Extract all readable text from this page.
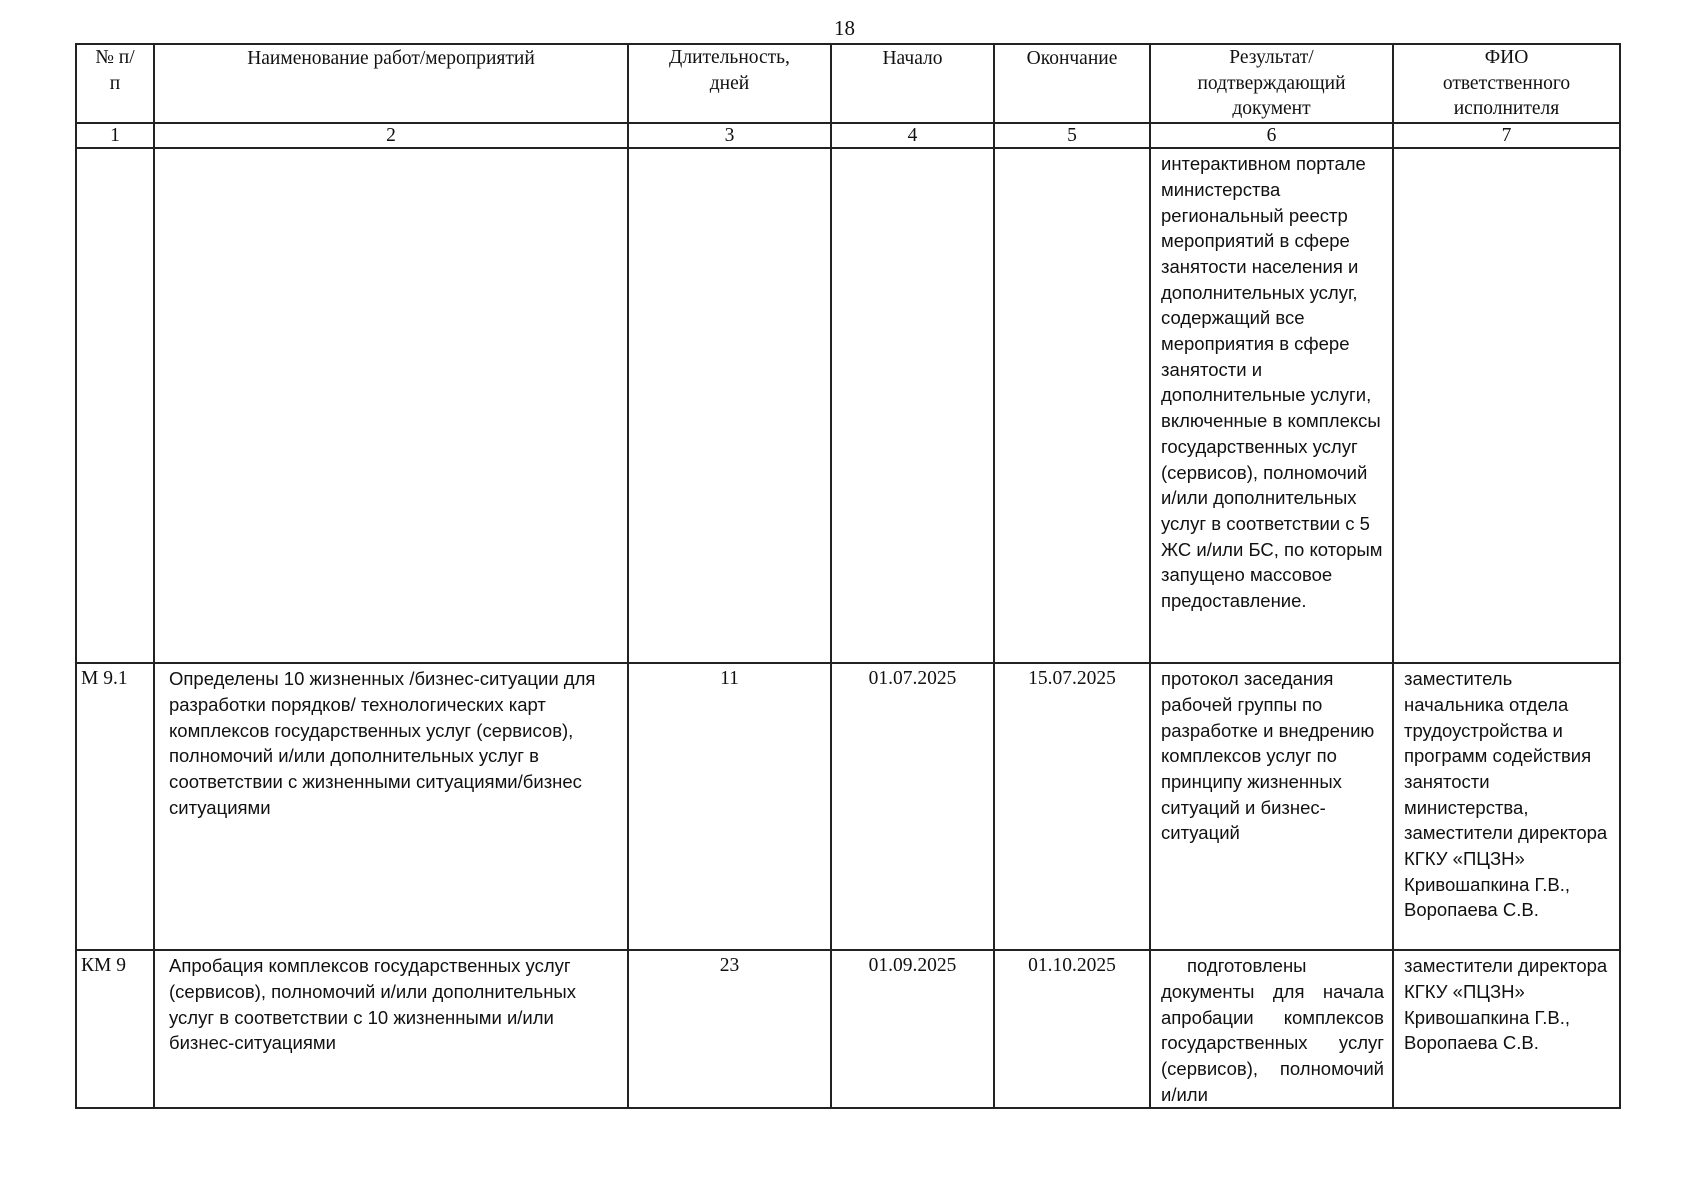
18
№ п/п	Наименование работ/мероприятий	Длительность, дней	Начало	Окончание	Результат/ подтверждающий документ	ФИО ответственного исполнителя
1	2	3	4	5	6	7
					интерактивном портале министерства региональный реестр мероприятий в сфере занятости населения и дополнительных услуг, содержащий все мероприятия в сфере занятости и дополнительные услуги, включенные в комплексы государственных услуг (сервисов), полномочий и/или дополнительных услуг в соответствии с 5 ЖС и/или БС, по которым запущено массовое предоставление.	
М 9.1	Определены 10 жизненных /бизнес-ситуации для разработки порядков/ технологических карт комплексов государственных услуг (сервисов), полномочий и/или дополнительных услуг в соответствии с жизненными ситуациями/бизнес ситуациями	11	01.07.2025	15.07.2025	протокол заседания рабочей группы по разработке и внедрению комплексов услуг по принципу жизненных ситуаций и бизнес-ситуаций	заместитель начальника отдела трудоустройства и программ содействия занятости министерства, заместители директора КГКУ «ПЦЗН» Кривошапкина Г.В., Воропаева С.В.
КМ 9	Апробация комплексов государственных услуг (сервисов), полномочий и/или дополнительных услуг в соответствии с 10 жизненными и/или бизнес-ситуациями	23	01.09.2025	01.10.2025	подготовлены документы для начала апробации комплексов государственных услуг (сервисов), полномочий и/или	заместители директора КГКУ «ПЦЗН» Кривошапкина Г.В., Воропаева С.В.
